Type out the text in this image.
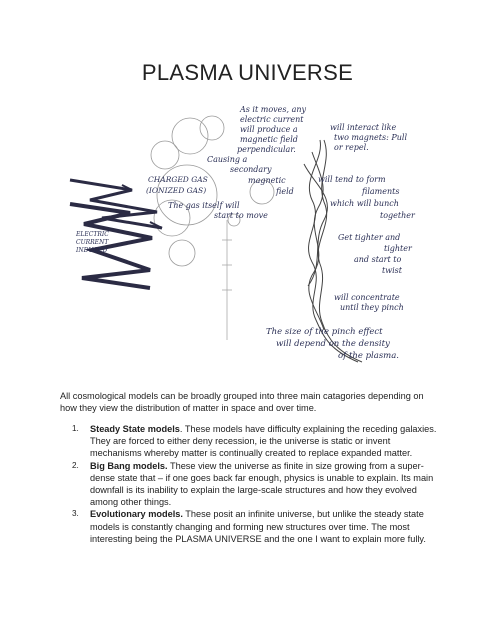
PLASMA UNIVERSE
As it moves, any
electric current
will produce a
magnetic field
perpendicular.
Causing a
secondary
magnetic
field
will interact like
two magnets: Pull
or repel.
CHARGED GAS
(IONIZED GAS)
The gas itself will
start to move
will tend to form
filaments
which will bunch
together
ELECTRIC
CURRENT
INDUCED
Get tighter and
tighter
and start to
twist
will concentrate
until they pinch
The size of the pinch effect
will depend on the density
of the plasma.
All cosmological models can be broadly grouped into three main catagories depending on how they view the distribution of matter in space and over time.
1. Steady State models. These models have difficulty explaining the receding galaxies. They are forced to either deny recession, ie the universe is static or invent mechanisms whereby matter is continually created to replace expanded matter.
2. Big Bang models. These view the universe as finite in size growing from a super-dense state that – if one goes back far enough, physics is unable to explain. Its main downfall is its inability to explain the large-scale structures and how they evolved among other things.
3. Evolutionary models. These posit an infinite universe, but unlike the steady state models is constantly changing and forming new structures over time. The most interesting being the PLASMA UNIVERSE and the one I want to explain more fully.
